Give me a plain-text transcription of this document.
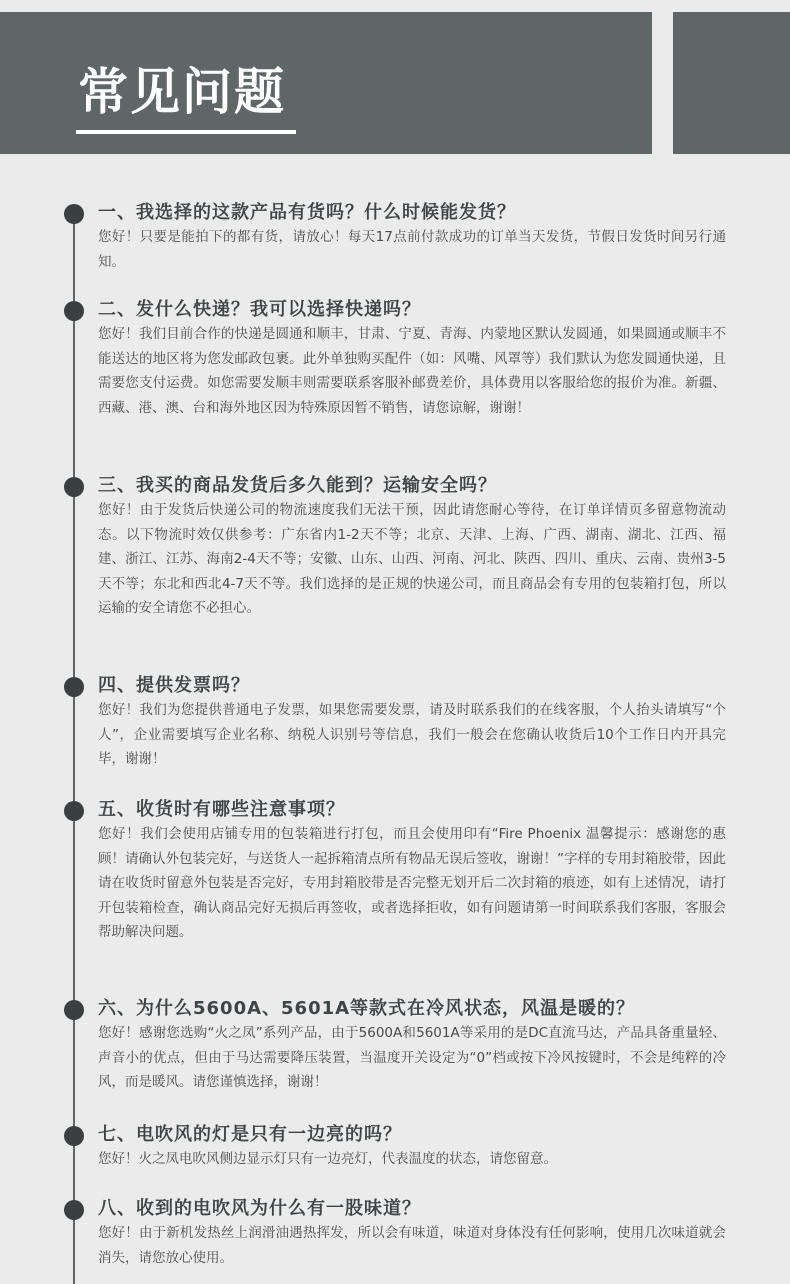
常见问题
一、我选择的这款产品有货吗？什么时候能发货？
您好！只要是能拍下的都有货，请放心！每天17点前付款成功的订单当天发货，节假日发货时间另行通知。
二、发什么快递？我可以选择快递吗？
您好！我们目前合作的快递是圆通和顺丰，甘肃、宁夏、青海、内蒙地区默认发圆通，如果圆通或顺丰不能送达的地区将为您发邮政包裹。此外单独购买配件（如：风嘴、风罩等）我们默认为您发圆通快递，且需要您支付运费。如您需要发顺丰则需要联系客服补邮费差价，具体费用以客服给您的报价为准。新疆、西藏、港、澳、台和海外地区因为特殊原因暂不销售，请您谅解，谢谢！
三、我买的商品发货后多久能到？运输安全吗？
您好！由于发货后快递公司的物流速度我们无法干预，因此请您耐心等待，在订单详情页多留意物流动态。以下物流时效仅供参考：广东省内1-2天不等；北京、天津、上海、广西、湖南、湖北、江西、福建、浙江、江苏、海南2-4天不等；安徽、山东、山西、河南、河北、陕西、四川、重庆、云南、贵州3-5天不等；东北和西北4-7天不等。我们选择的是正规的快递公司，而且商品会有专用的包装箱打包，所以运输的安全请您不必担心。
四、提供发票吗？
您好！我们为您提供普通电子发票，如果您需要发票，请及时联系我们的在线客服，个人抬头请填写“个人”，企业需要填写企业名称、纳税人识别号等信息，我们一般会在您确认收货后10个工作日内开具完毕，谢谢！
五、收货时有哪些注意事项？
您好！我们会使用店铺专用的包装箱进行打包，而且会使用印有“Fire Phoenix 温馨提示：感谢您的惠顾！请确认外包装完好，与送货人一起拆箱清点所有物品无误后签收，谢谢！”字样的专用封箱胶带，因此请在收货时留意外包装是否完好，专用封箱胶带是否完整无划开后二次封箱的痕迹，如有上述情况，请打开包装箱检查，确认商品完好无损后再签收，或者选择拒收，如有问题请第一时间联系我们客服，客服会帮助解决问题。
六、为什么5600A、5601A等款式在冷风状态，风温是暖的？
您好！感谢您选购“火之凤”系列产品，由于5600A和5601A等采用的是DC直流马达，产品具备重量轻、声音小的优点，但由于马达需要降压装置，当温度开关设定为“0”档或按下冷风按键时，不会是纯粹的冷风，而是暖风。请您谨慎选择，谢谢！
七、电吹风的灯是只有一边亮的吗？
您好！火之凤电吹风侧边显示灯只有一边亮灯，代表温度的状态，请您留意。
八、收到的电吹风为什么有一股味道？
您好！由于新机发热丝上润滑油遇热挥发，所以会有味道，味道对身体没有任何影响，使用几次味道就会消失，请您放心使用。
